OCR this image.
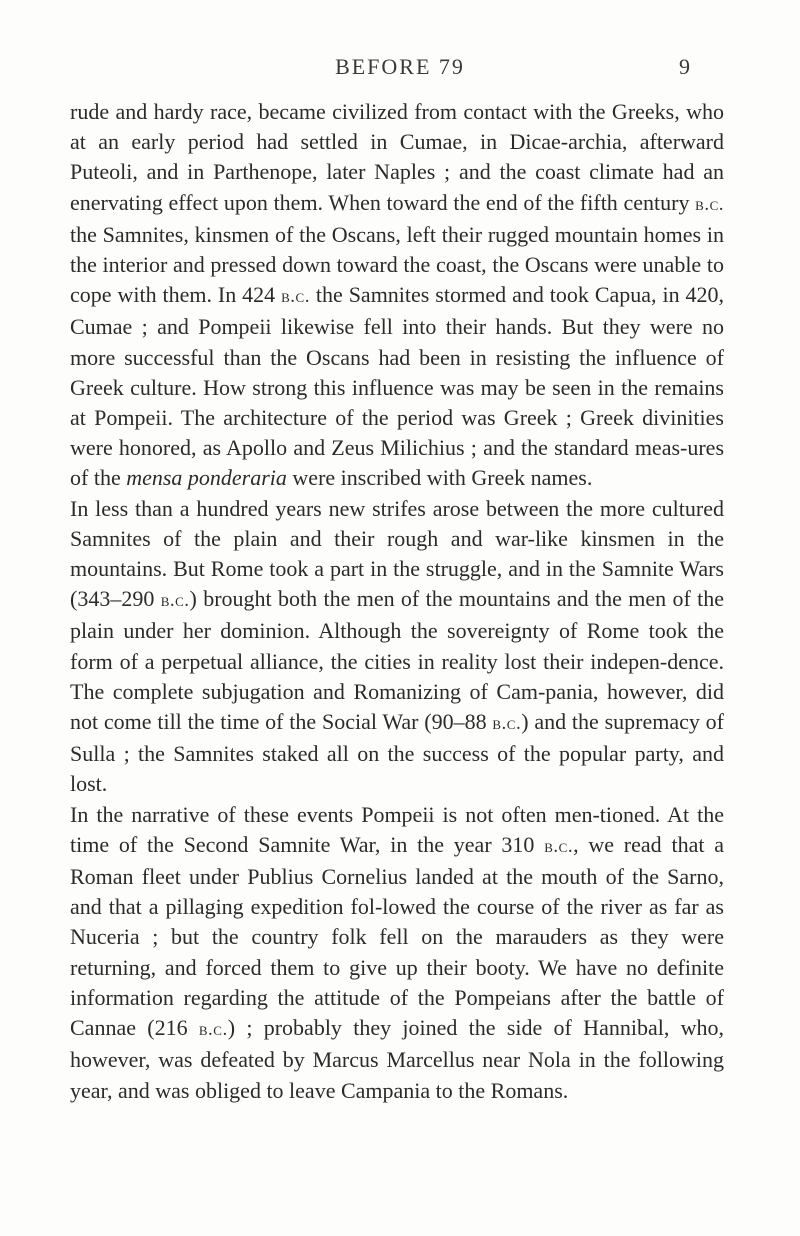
BEFORE 79	9

rude and hardy race, became civilized from contact with the Greeks, who at an early period had settled in Cumae, in Dicae-archia, afterward Puteoli, and in Parthenope, later Naples ; and the coast climate had an enervating effect upon them. When toward the end of the fifth century b.c. the Samnites, kinsmen of the Oscans, left their rugged mountain homes in the interior and pressed down toward the coast, the Oscans were unable to cope with them. In 424 b.c. the Samnites stormed and took Capua, in 420, Cumae ; and Pompeii likewise fell into their hands. But they were no more successful than the Oscans had been in resisting the influence of Greek culture. How strong this influence was may be seen in the remains at Pompeii. The architecture of the period was Greek ; Greek divinities were honored, as Apollo and Zeus Milichius ; and the standard meas-ures of the mensa ponderaria were inscribed with Greek names.

In less than a hundred years new strifes arose between the more cultured Samnites of the plain and their rough and war-like kinsmen in the mountains. But Rome took a part in the struggle, and in the Samnite Wars (343–290 b.c.) brought both the men of the mountains and the men of the plain under her dominion. Although the sovereignty of Rome took the form of a perpetual alliance, the cities in reality lost their indepen-dence. The complete subjugation and Romanizing of Cam-pania, however, did not come till the time of the Social War (90–88 b.c.) and the supremacy of Sulla ; the Samnites staked all on the success of the popular party, and lost.

In the narrative of these events Pompeii is not often men-tioned. At the time of the Second Samnite War, in the year 310 b.c., we read that a Roman fleet under Publius Cornelius landed at the mouth of the Sarno, and that a pillaging expedition fol-lowed the course of the river as far as Nuceria ; but the country folk fell on the marauders as they were returning, and forced them to give up their booty. We have no definite information regarding the attitude of the Pompeians after the battle of Cannae (216 b.c.) ; probably they joined the side of Hannibal, who, however, was defeated by Marcus Marcellus near Nola in the following year, and was obliged to leave Campania to the Romans.
